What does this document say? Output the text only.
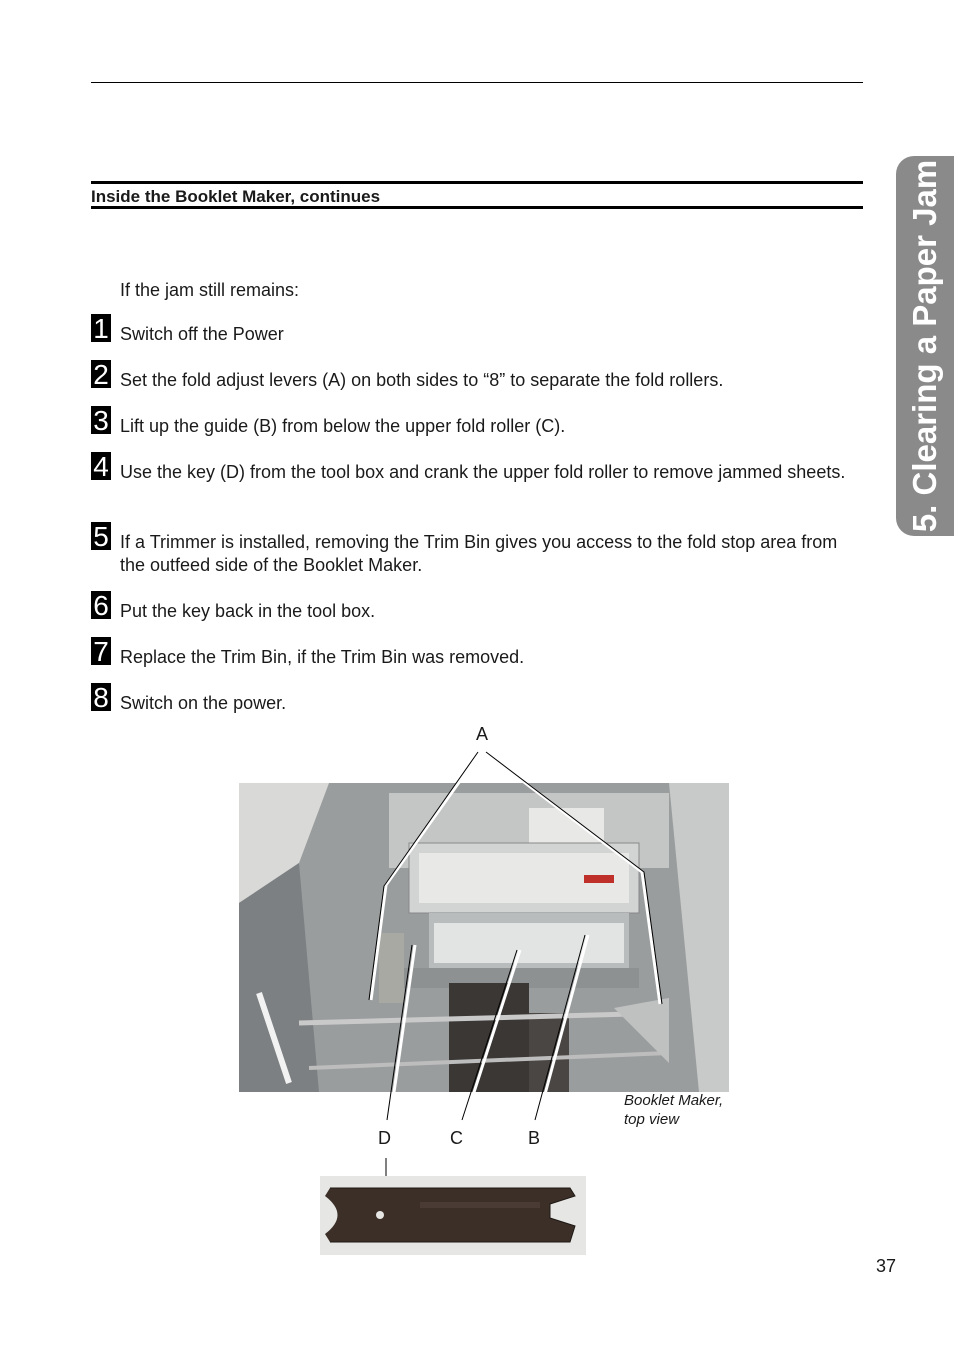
Inside the Booklet Maker, continues	5. Clearing a Paper Jam
If the jam still remains:
1 Switch off the Power
2 Set the fold adjust levers (A) on both sides to “8” to separate the fold rollers.
3 Lift up the guide (B) from below the upper fold roller (C).
4 Use the key (D) from the tool box and crank the upper fold roller to remove jammed sheets.
5 If a Trimmer is installed, removing the Trim Bin gives you access to the fold stop area from the outfeed side of the Booklet Maker.
6 Put the key back in the tool box.
7 Replace the Trim Bin, if the Trim Bin was removed.
8 Switch on the power.
A
D	C	B
Booklet Maker,
top view
37
